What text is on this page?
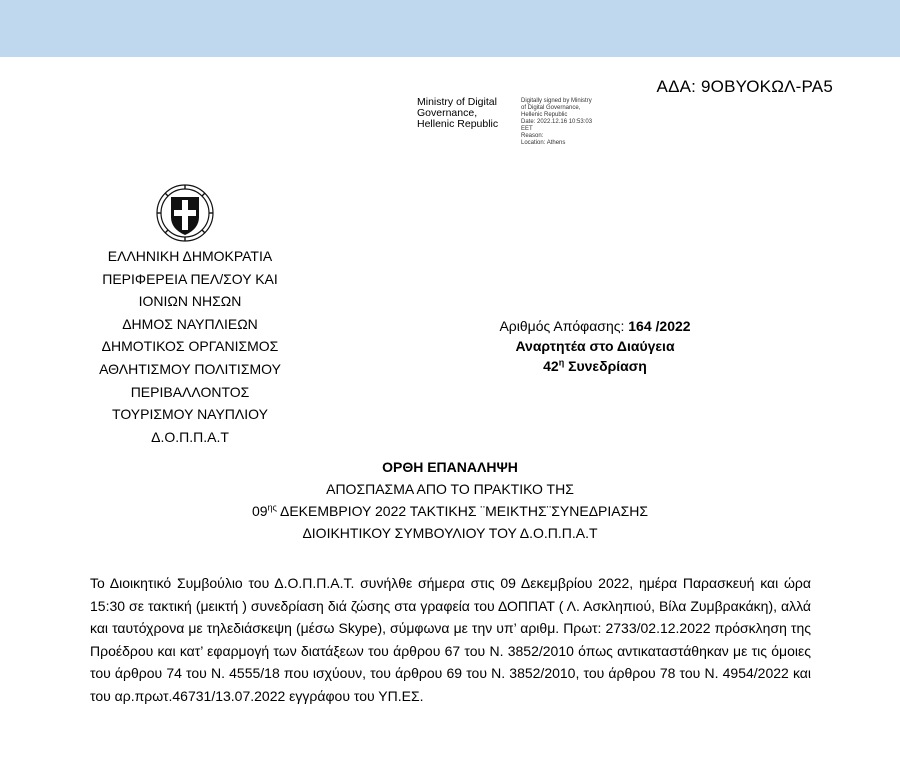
ΑΔΑ: 9ΟΒΥΟΚΩΛ-ΡΑ5
Ministry of Digital
Governance,
Hellenic Republic
Digitally signed by Ministry
of Digital Governance,
Hellenic Republic
Date: 2022.12.16 10:53:03
EET
Reason:
Location: Athens
ΕΛΛΗΝΙΚΗ ΔΗΜΟΚΡΑΤΙΑ
ΠΕΡΙΦΕΡΕΙΑ ΠΕΛ/ΣΟΥ ΚΑΙ
ΙΟΝΙΩΝ ΝΗΣΩΝ
ΔΗΜΟΣ ΝΑΥΠΛΙΕΩΝ
ΔΗΜΟΤΙΚΟΣ ΟΡΓΑΝΙΣΜΟΣ
ΑΘΛΗΤΙΣΜΟΥ ΠΟΛΙΤΙΣΜΟΥ
ΠΕΡΙΒΑΛΛΟΝΤΟΣ
ΤΟΥΡΙΣΜΟΥ ΝΑΥΠΛΙΟΥ
Δ.Ο.Π.Π.Α.Τ
Αριθμός Απόφασης: 164 /2022
Αναρτητέα στο Διαύγεια
$42^\eta$ Συνεδρίαση
ΟΡΘΗ ΕΠΑΝΑΛΗΨΗ
ΑΠΟΣΠΑΣΜΑ ΑΠΟ ΤΟ ΠΡΑΚΤΙΚΟ ΤΗΣ
$09^{\eta\varsigma}$ ΔΕΚΕΜΒΡΙΟΥ 2022 ΤΑΚΤΙΚΗΣ ¨ΜΕΙΚΤΗΣ¨ΣΥΝΕΔΡΙΑΣΗΣ
ΔΙΟΙΚΗΤΙΚΟΥ ΣΥΜΒΟΥΛΙΟΥ ΤΟΥ Δ.Ο.Π.Π.Α.Τ
Το Διοικητικό Συμβούλιο του Δ.Ο.Π.Π.Α.Τ. συνήλθε σήμερα στις 09 Δεκεμβρίου 2022, ημέρα Παρασκευή και ώρα 15:30 σε τακτική (μεικτή ) συνεδρίαση διά ζώσης στα γραφεία του ΔΟΠΠΑΤ ( Λ. Ασκληπιού, Βίλα Ζυμβρακάκη), αλλά και ταυτόχρονα με τηλεδιάσκεψη (μέσω Skype), σύμφωνα με την υπ’ αριθμ. Πρωτ: 2733/02.12.2022 πρόσκληση της Προέδρου και κατ’ εφαρμογή των διατάξεων του άρθρου 67 του Ν. 3852/2010 όπως αντικαταστάθηκαν με τις όμοιες του άρθρου 74 του Ν. 4555/18 που ισχύουν, του άρθρου 69 του Ν. 3852/2010, του άρθρου 78 του Ν. 4954/2022 και του αρ.πρωτ.46731/13.07.2022 εγγράφου του ΥΠ.ΕΣ.
